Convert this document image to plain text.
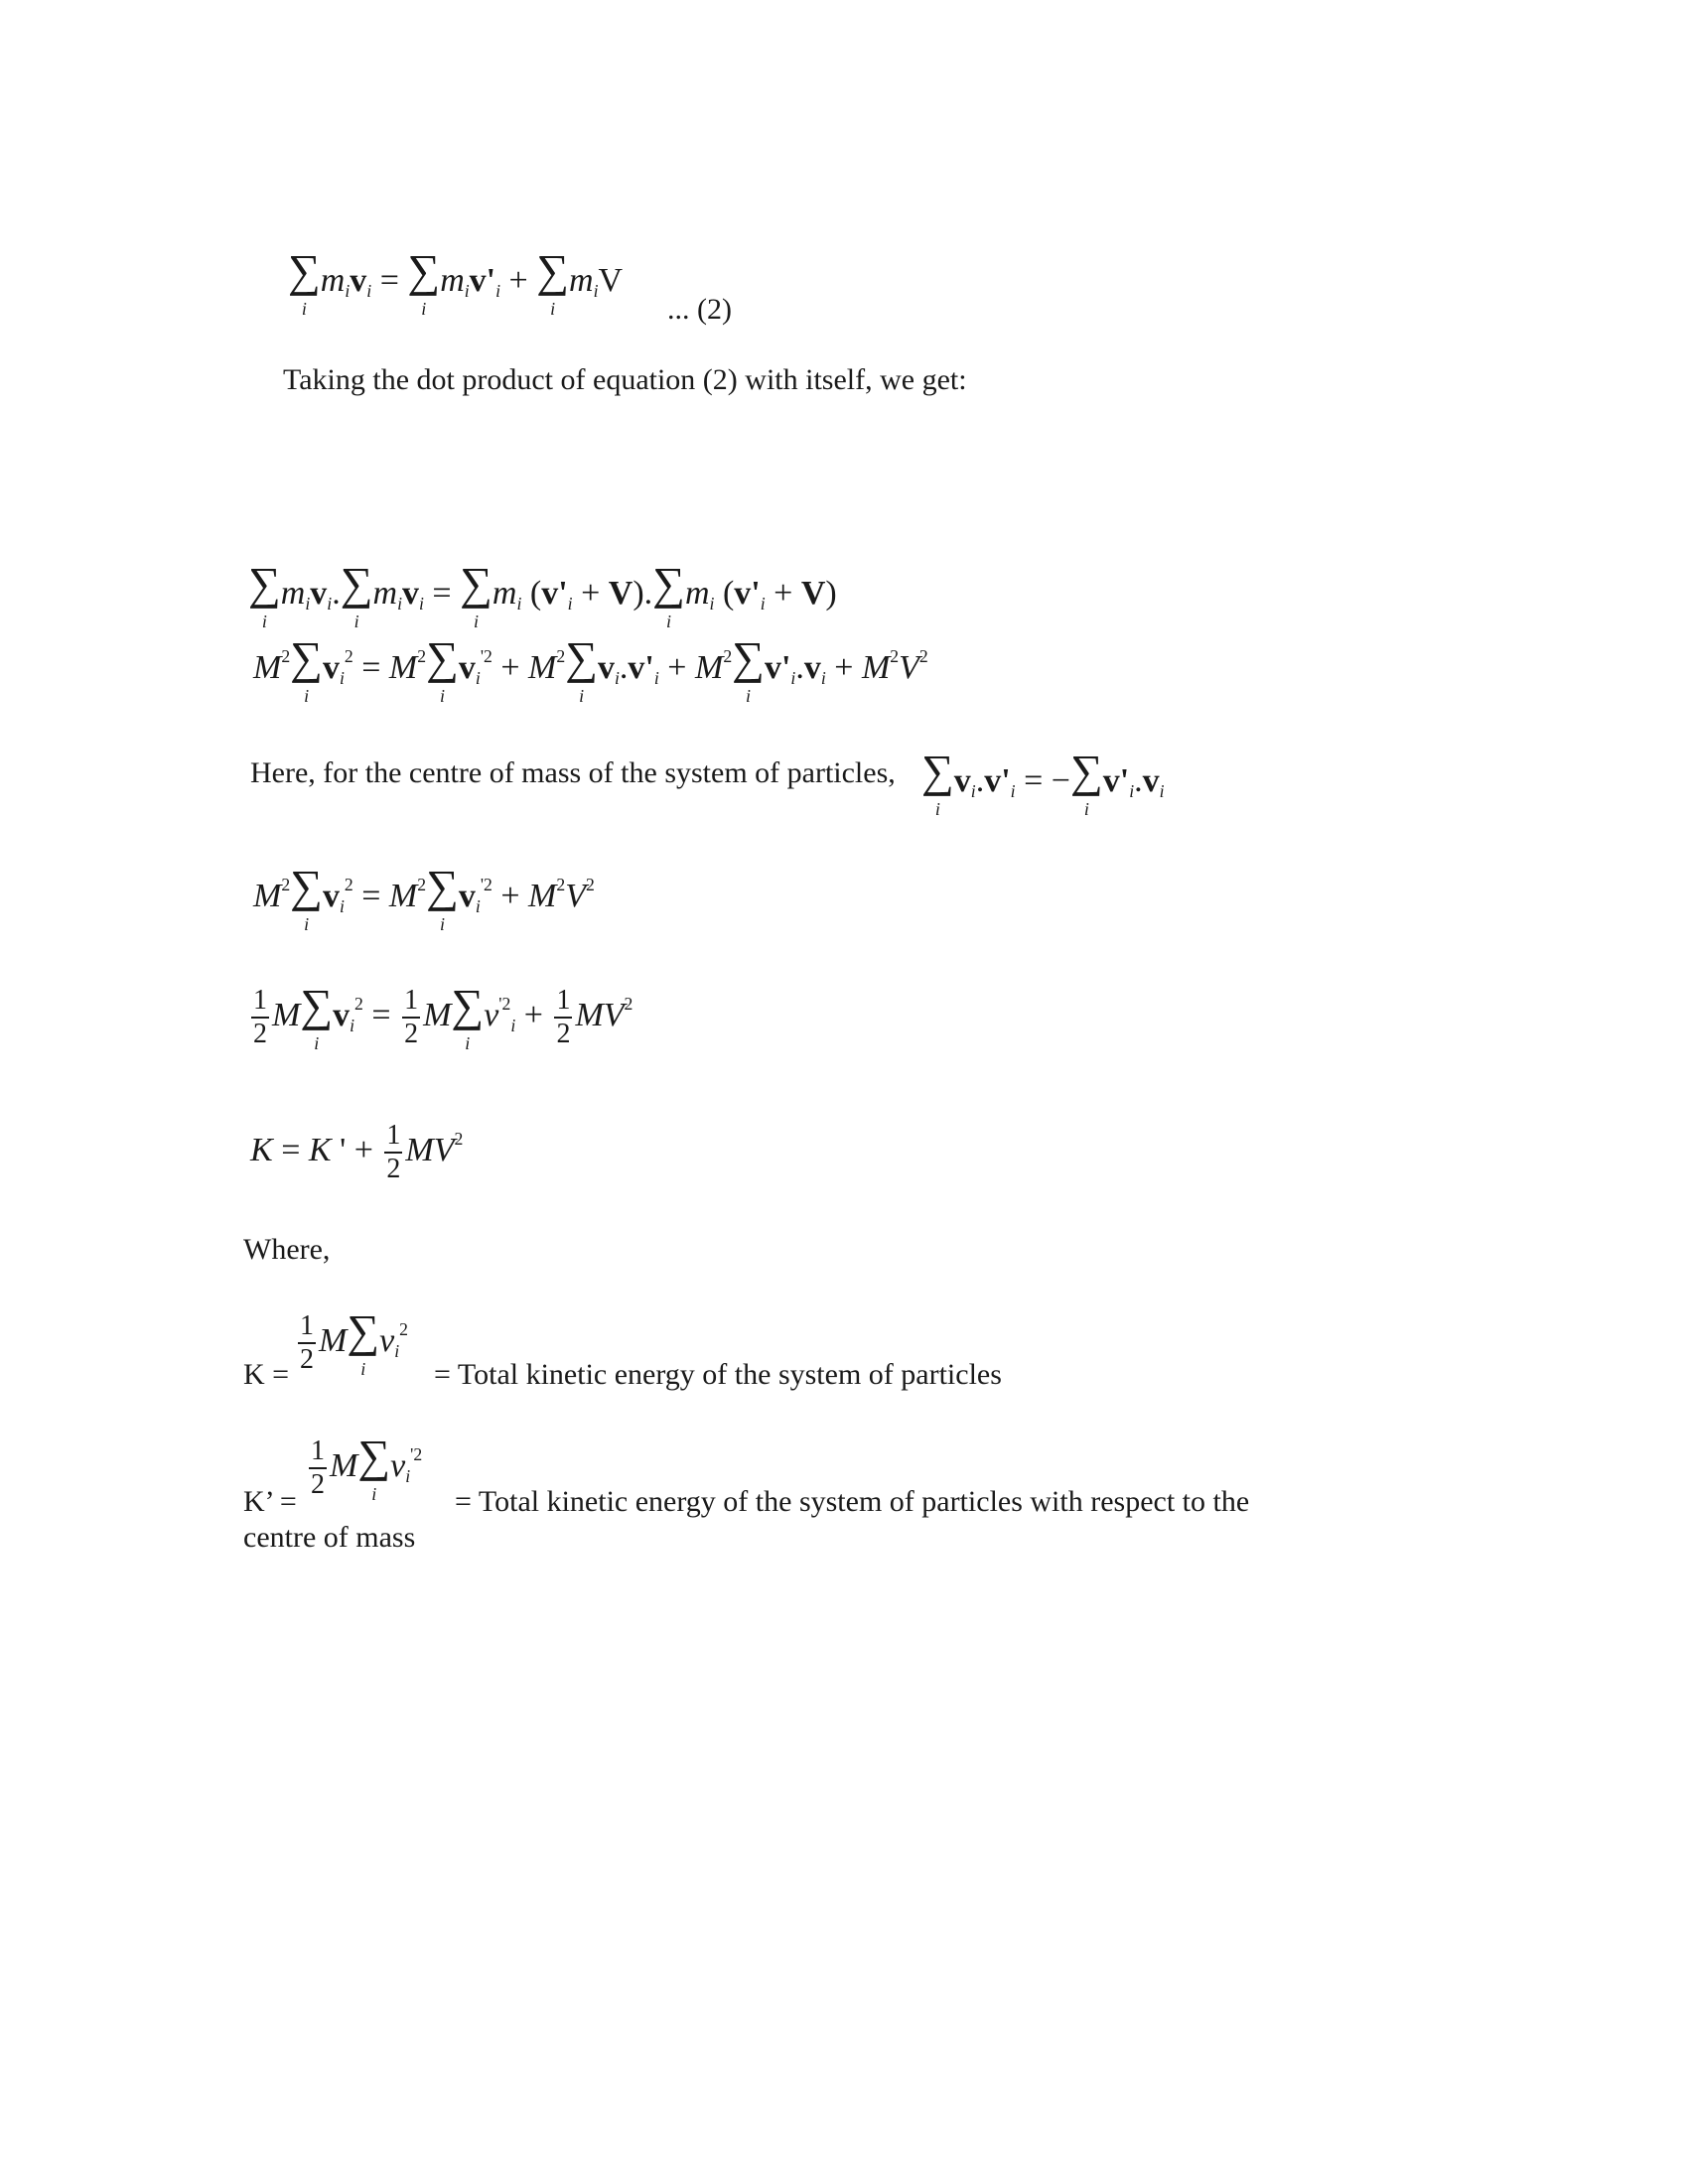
∑
i
$m_iv_i$ = ∑
i
$m_iv'_i$ + ∑
i
$m_iV$
... (2)
Taking the dot product of equation (2) with itself, we get:
∑
i
$m_iv_i.\sum$
i
$m_iv_i$ = ∑
i
$m_i$ $(v'_i + V).\sum$
i
$m_i$ $(v'_i + V)$
$M^2\sum$
i
$v_i^2 = M^2\sum$
i
$v_i^{'2} + M^2\sum$
i
$v_i.v'_i + M^2\sum$
i
$v'_i.v_i + M^2V^2$
Here, for the centre of mass of the system of particles, ∑
i
$v_i.v'_i$ = −∑
i
$v'_i.v_i$
$M^2\sum$
i
$v_i^2 = M^2\sum$
i
$v_i^{'2} + M^2V^2$
$\frac{1}{2} M\sum$
i
$v_i^2 = \frac{1}{2} M\sum$
i
$v^{'2}_i + \frac{1}{2} MV^2$
K = K ' + $\frac{1}{2} MV^2$
Where,
$\frac{1}{2} M\sum$
i
$v_i^2$
K =	= Total kinetic energy of the system of particles
$\frac{1}{2} M\sum$
i
$v_i^{'2}$
K’ =	= Total kinetic energy of the system of particles with respect to the
centre of mass
